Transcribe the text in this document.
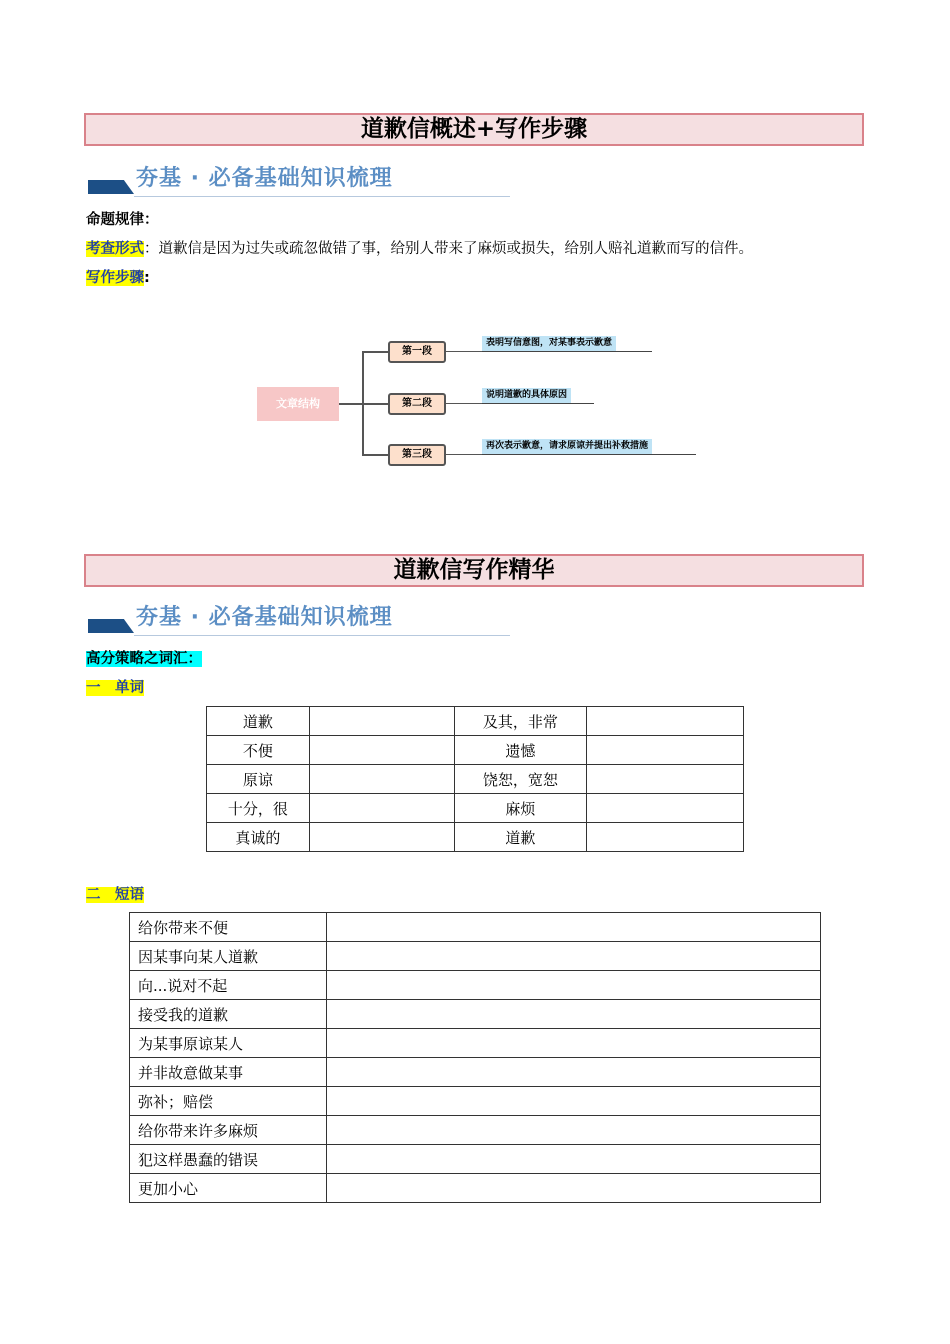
道歉信概述+写作步骤
夯基 · 必备基础知识梳理
命题规律：
考查形式：道歉信是因为过失或疏忽做错了事，给别人带来了麻烦或损失，给别人赔礼道歉而写的信件。
写作步骤:
文章结构
第一段
表明写信意图，对某事表示歉意
第二段
说明道歉的具体原因
第三段
再次表示歉意，请求原谅并提出补救措施
道歉信写作精华
夯基 · 必备基础知识梳理
高分策略之词汇：
一　单词
道歉		及其，非常	
不便		遗憾	
原谅		饶恕，宽恕	
十分，很		麻烦	
真诚的		道歉	
二　短语
给你带来不便	
因某事向某人道歉	
向...说对不起	
接受我的道歉	
为某事原谅某人	
并非故意做某事	
弥补；赔偿	
给你带来许多麻烦	
犯这样愚蠢的错误	
更加小心	
